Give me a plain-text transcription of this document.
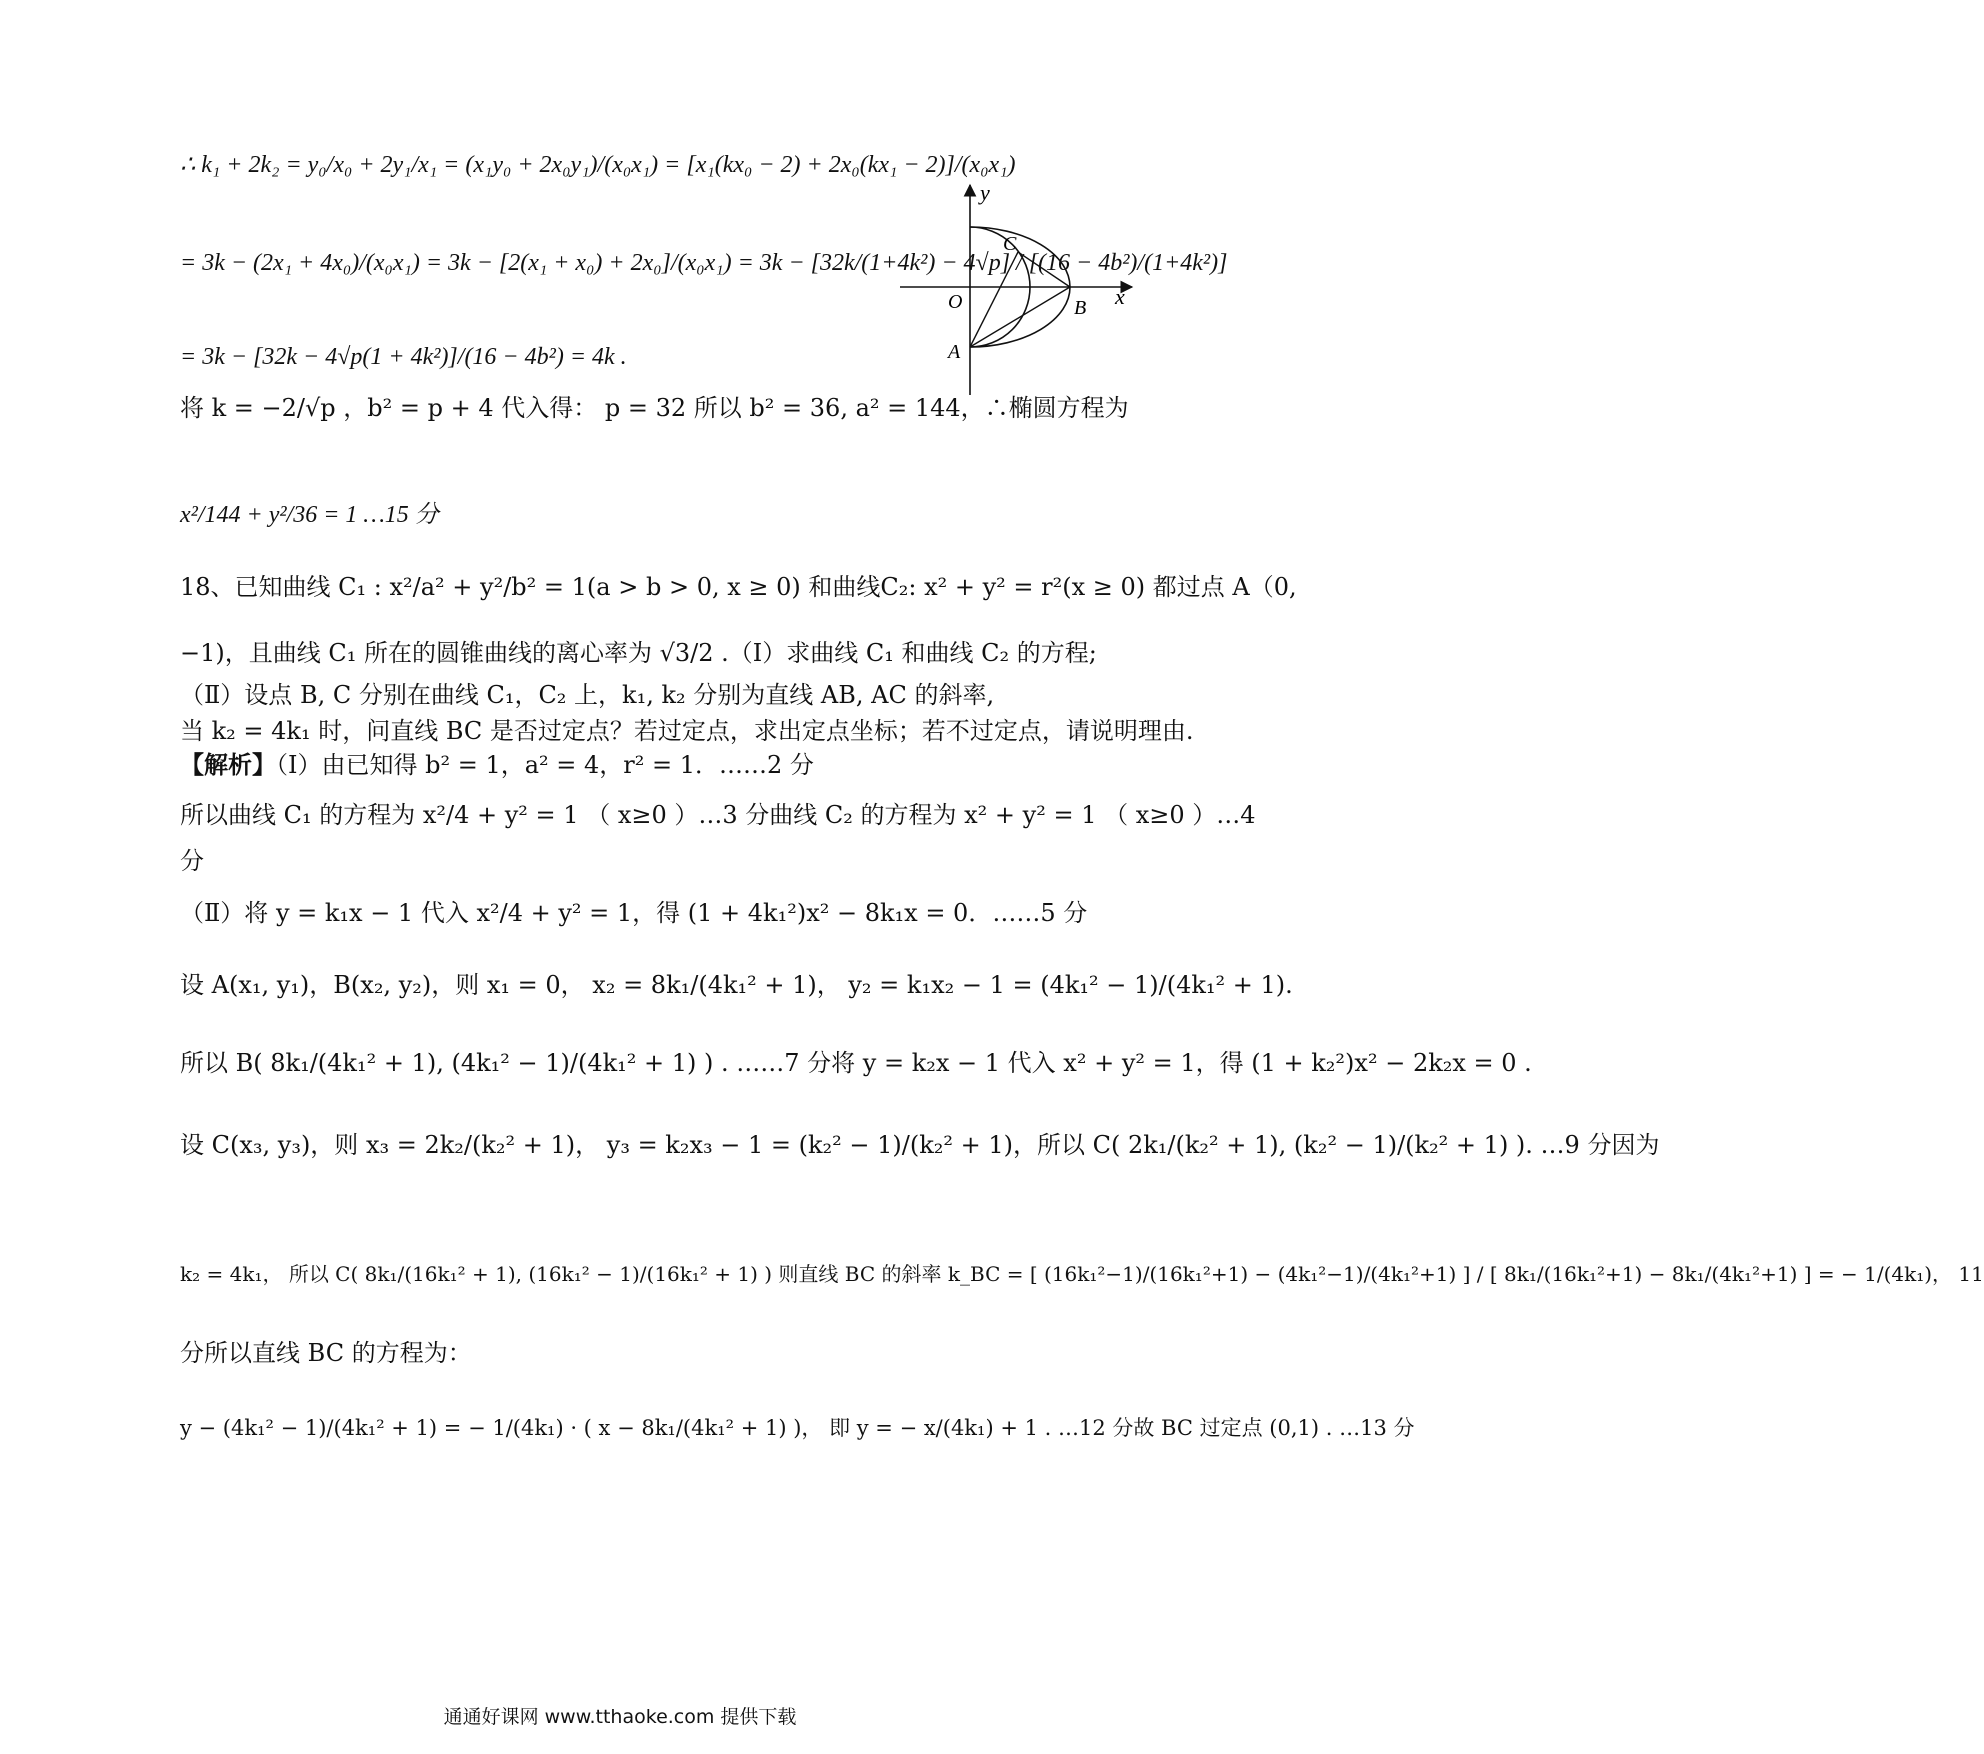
∴ k₁ + 2k₂ = y₀/x₀ + 2y₁/x₁ = (x₁y₀ + 2x₀y₁)/(x₀x₁) = [x₁(kx₀ − 2) + 2x₀(kx₁ − 2)]/(x₀x₁)
= 3k − (2x₁ + 4x₀)/(x₀x₁) = 3k − [2(x₁ + x₀) + 2x₀]/(x₀x₁) = 3k − [32k/(1+4k²) − 4√p] / [(16 − 4b²)/(1+4k²)]
= 3k − [32k − 4√p(1 + 4k²)]/(16 − 4b²) = 4k .
将 k = −2/√p ，b² = p + 4 代入得： p = 32 所以 b² = 36, a² = 144，∴椭圆方程为
x²/144 + y²/36 = 1 …15 分
18、已知曲线 C₁ : x²/a² + y²/b² = 1(a > b > 0, x ≥ 0) 和曲线C₂: x² + y² = r²(x ≥ 0) 都过点 A（0,
−1)，且曲线 C₁ 所在的圆锥曲线的离心率为 √3/2 .（Ⅰ）求曲线 C₁ 和曲线 C₂ 的方程;
（Ⅱ）设点 B, C 分别在曲线 C₁，C₂ 上，k₁, k₂ 分别为直线 AB, AC 的斜率,
当 k₂ = 4k₁ 时，问直线 BC 是否过定点？若过定点，求出定点坐标；若不过定点，请说明理由.
【解析】（Ⅰ）由已知得 b² = 1，a² = 4，r² = 1．……2 分
所以曲线 C₁ 的方程为 x²/4 + y² = 1 （ x≥0 ）…3 分曲线 C₂ 的方程为 x² + y² = 1 （ x≥0 ）…4
分
（Ⅱ）将 y = k₁x − 1 代入 x²/4 + y² = 1，得 (1 + 4k₁²)x² − 8k₁x = 0．……5 分
设 A(x₁, y₁)，B(x₂, y₂)，则 x₁ = 0， x₂ = 8k₁/(4k₁² + 1)， y₂ = k₁x₂ − 1 = (4k₁² − 1)/(4k₁² + 1).
所以 B( 8k₁/(4k₁² + 1), (4k₁² − 1)/(4k₁² + 1) ) . ……7 分将 y = k₂x − 1 代入 x² + y² = 1，得 (1 + k₂²)x² − 2k₂x = 0 .
设 C(x₃, y₃)，则 x₃ = 2k₂/(k₂² + 1)， y₃ = k₂x₃ − 1 = (k₂² − 1)/(k₂² + 1)，所以 C( 2k₁/(k₂² + 1), (k₂² − 1)/(k₂² + 1) ). …9 分因为
k₂ = 4k₁， 所以 C( 8k₁/(16k₁² + 1), (16k₁² − 1)/(16k₁² + 1) ) 则直线 BC 的斜率 k_BC = [ (16k₁²−1)/(16k₁²+1) − (4k₁²−1)/(4k₁²+1) ] / [ 8k₁/(16k₁²+1) − 8k₁/(4k₁²+1) ] = − 1/(4k₁)， 11
分所以直线 BC 的方程为：
y − (4k₁² − 1)/(4k₁² + 1) = − 1/(4k₁) · ( x − 8k₁/(4k₁² + 1) )， 即 y = − x/(4k₁) + 1 . …12 分故 BC 过定点 (0,1) . …13 分
y
x
O
A
B
C
通通好课网 www.tthaoke.com 提供下载
